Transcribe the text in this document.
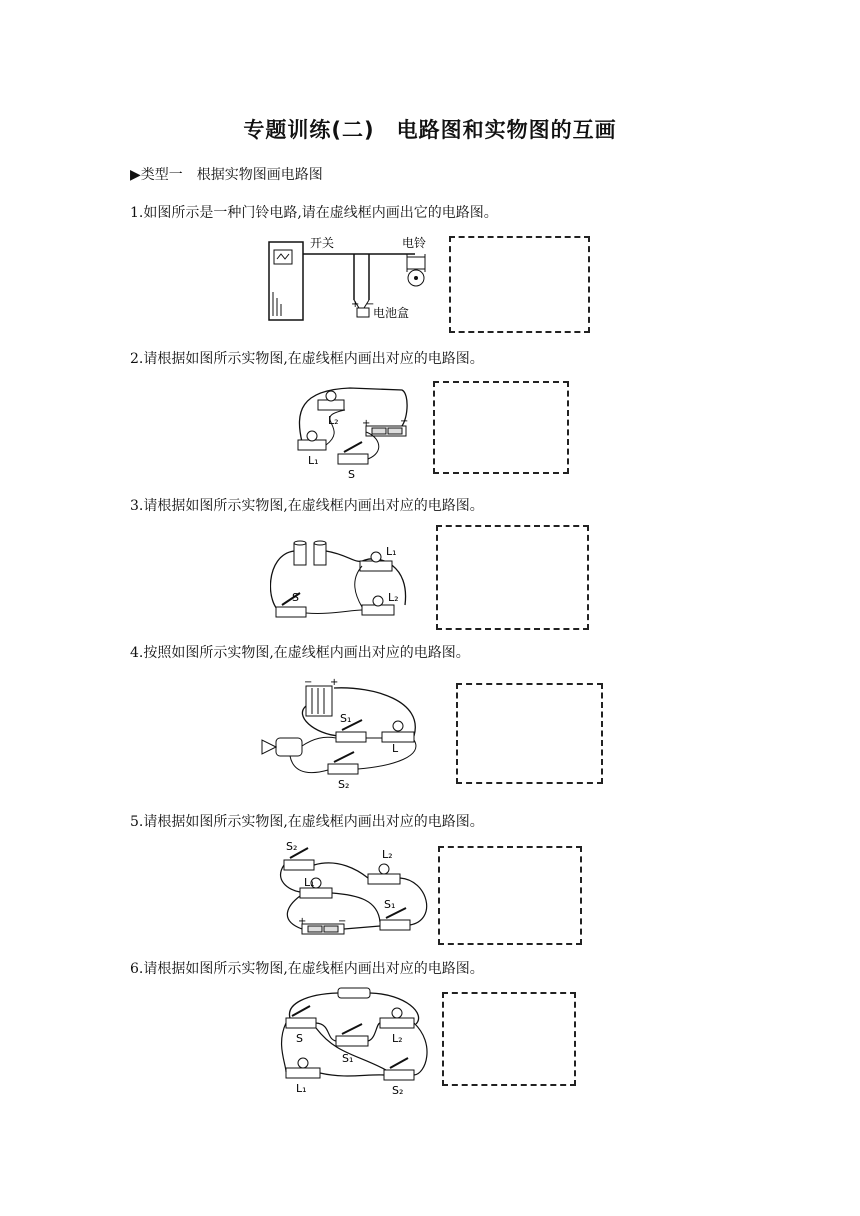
专题训练(二)　电路图和实物图的互画
▶类型一　根据实物图画电路图
1.如图所示是一种门铃电路,请在虚线框内画出它的电路图。
开关	电铃
电池盒
+ −
2.请根据如图所示实物图,在虚线框内画出对应的电路图。
L₂
L₁
S
+	−
3.请根据如图所示实物图,在虚线框内画出对应的电路图。
L₁
L₂
S
4.按照如图所示实物图,在虚线框内画出对应的电路图。
− +
S₁
L
S₂
5.请根据如图所示实物图,在虚线框内画出对应的电路图。
S₂
L₂
L₁
S₁
+	−
6.请根据如图所示实物图,在虚线框内画出对应的电路图。
S
S₁
L₂
L₁	S₂
